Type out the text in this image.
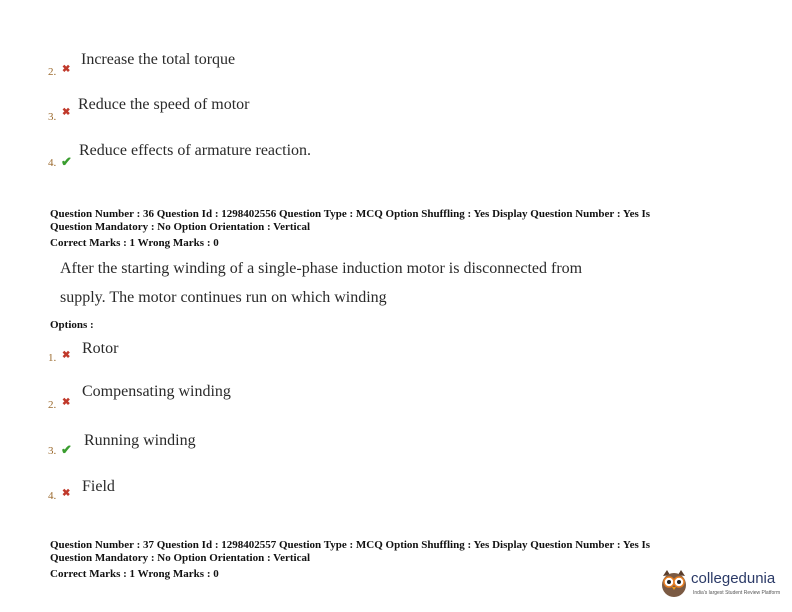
2. ✖
Increase the total torque
3. ✖ Reduce the speed of motor
4. ✔
Reduce effects of armature reaction.
Question Number : 36 Question Id : 1298402556 Question Type : MCQ Option Shuffling : Yes Display Question Number : Yes Is
Question Mandatory : No Option Orientation : Vertical
Correct Marks : 1 Wrong Marks : 0
After the starting winding of a single-phase induction motor is disconnected from
supply. The motor continues run on which winding
Options :
1. ✖ Rotor
2. ✖
Compensating winding
3. ✔
Running winding
4. ✖ Field
Question Number : 37 Question Id : 1298402557 Question Type : MCQ Option Shuffling : Yes Display Question Number : Yes Is
Question Mandatory : No Option Orientation : Vertical
Correct Marks : 1 Wrong Marks : 0	collegedunia
India's largest Student Review Platform
